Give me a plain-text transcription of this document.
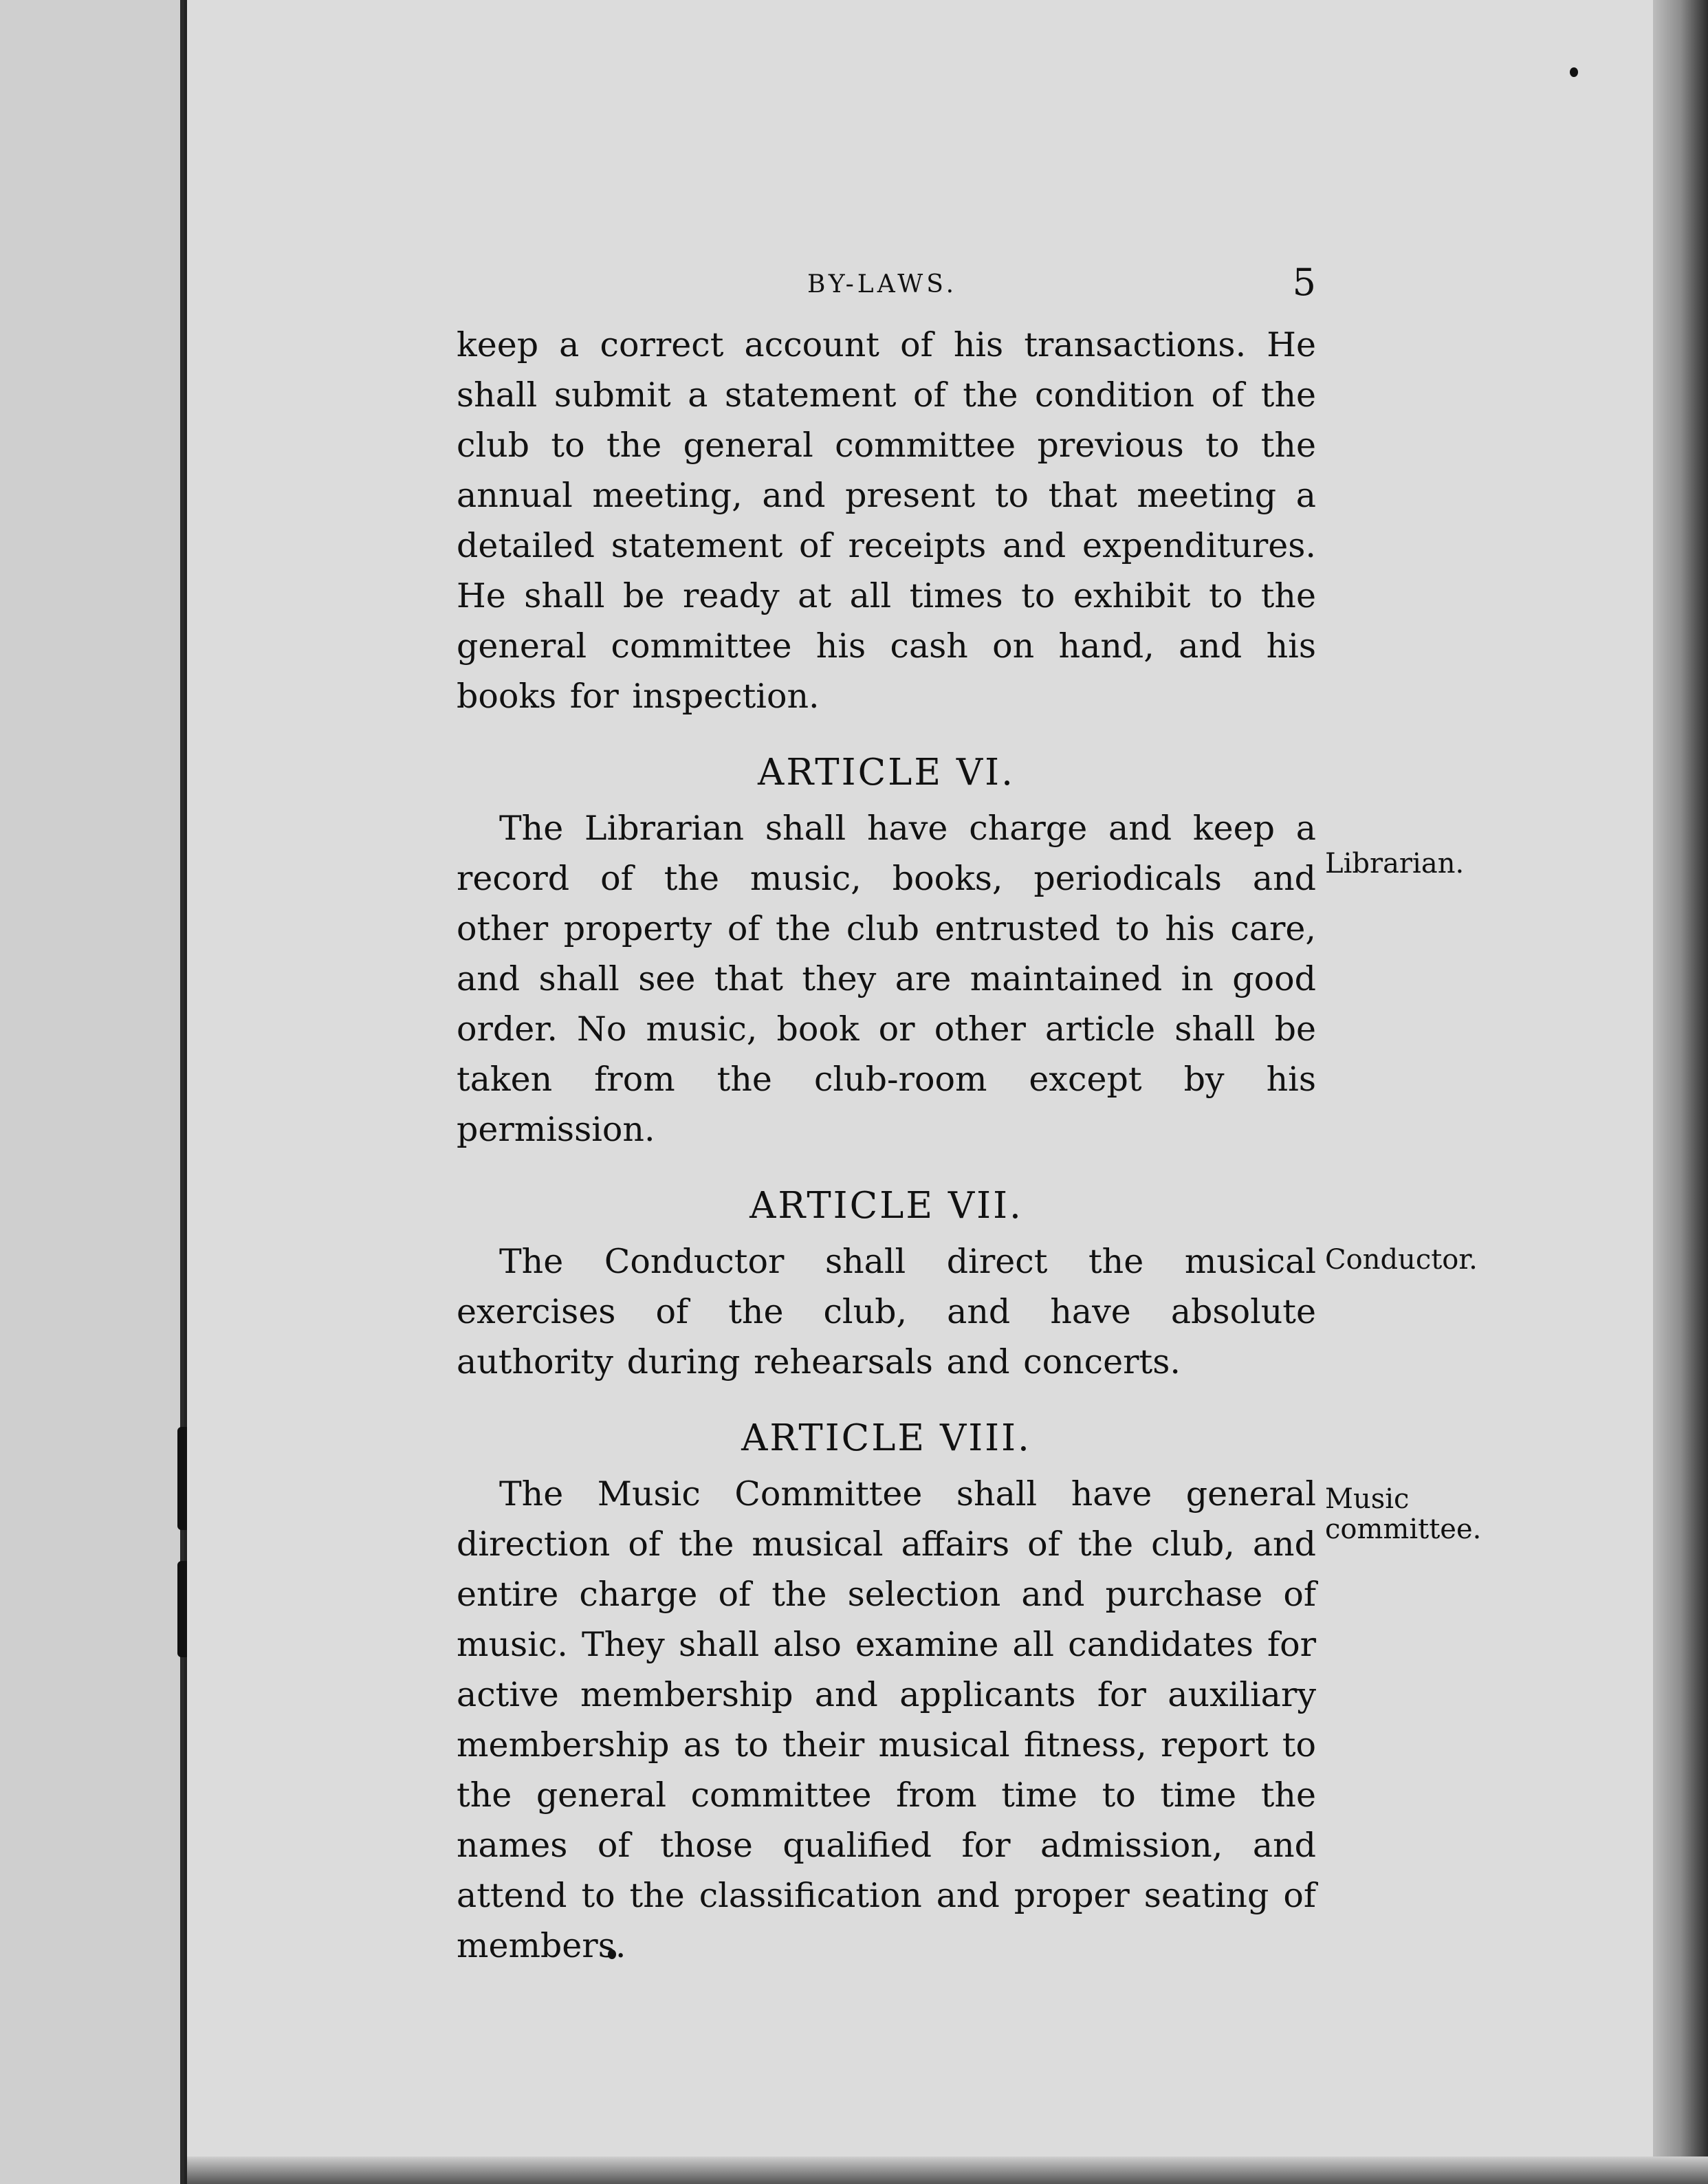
BY-LAWS.	5

keep a correct account of his transactions. He shall submit a statement of the condition of the club to the general committee previous to the annual meeting, and present to that meeting a detailed statement of receipts and expenditures. He shall be ready at all times to exhibit to the general committee his cash on hand, and his books for inspection.

ARTICLE VI.

The Librarian shall have charge and keep a record of the music, books, periodicals and other property of the club entrusted to his care, and shall see that they are maintained in good order. No music, book or other article shall be taken from the club-room except by his permission.

ARTICLE VII.

The Conductor shall direct the musical exercises of the club, and have absolute authority during rehearsals and concerts.

ARTICLE VIII.

The Music Committee shall have general direction of the musical affairs of the club, and entire charge of the selection and purchase of music. They shall also examine all candidates for active membership and applicants for auxiliary membership as to their musical fitness, report to the general committee from time to time the names of those qualified for admission, and attend to the classification and proper seating of members.

Librarian.
Conductor.
Music
committee.
